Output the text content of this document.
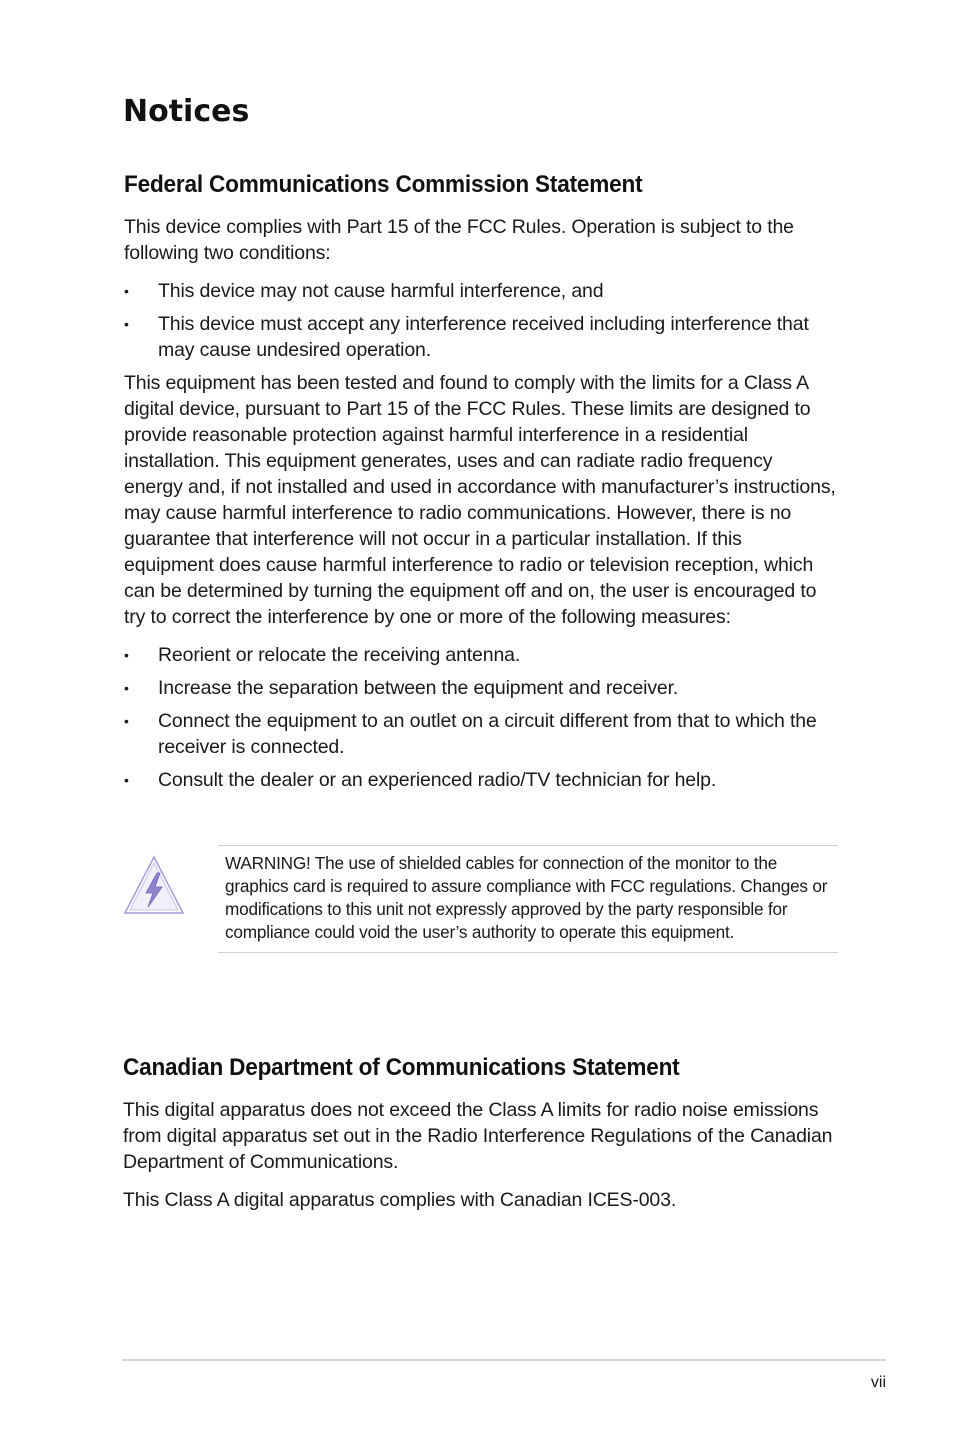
Notices
Federal Communications Commission Statement

This device complies with Part 15 of the FCC Rules. Operation is subject to the following two conditions:

• This device may not cause harmful interference, and
• This device must accept any interference received including interference that may cause undesired operation.

This equipment has been tested and found to comply with the limits for a Class A digital device, pursuant to Part 15 of the FCC Rules. These limits are designed to provide reasonable protection against harmful interference in a residential installation. This equipment generates, uses and can radiate radio frequency energy and, if not installed and used in accordance with manufacturer’s instructions, may cause harmful interference to radio communications. However, there is no guarantee that interference will not occur in a particular installation. If this equipment does cause harmful interference to radio or television reception, which can be determined by turning the equipment off and on, the user is encouraged to try to correct the interference by one or more of the following measures:

• Reorient or relocate the receiving antenna.
• Increase the separation between the equipment and receiver.
• Connect the equipment to an outlet on a circuit different from that to which the receiver is connected.
• Consult the dealer or an experienced radio/TV technician for help.
WARNING! The use of shielded cables for connection of the monitor to the graphics card is required to assure compliance with FCC regulations. Changes or modifications to this unit not expressly approved by the party responsible for compliance could void the user’s authority to operate this equipment.
Canadian Department of Communications Statement

This digital apparatus does not exceed the Class A limits for radio noise emissions from digital apparatus set out in the Radio Interference Regulations of the Canadian Department of Communications.

This Class A digital apparatus complies with Canadian ICES-003.

vii
